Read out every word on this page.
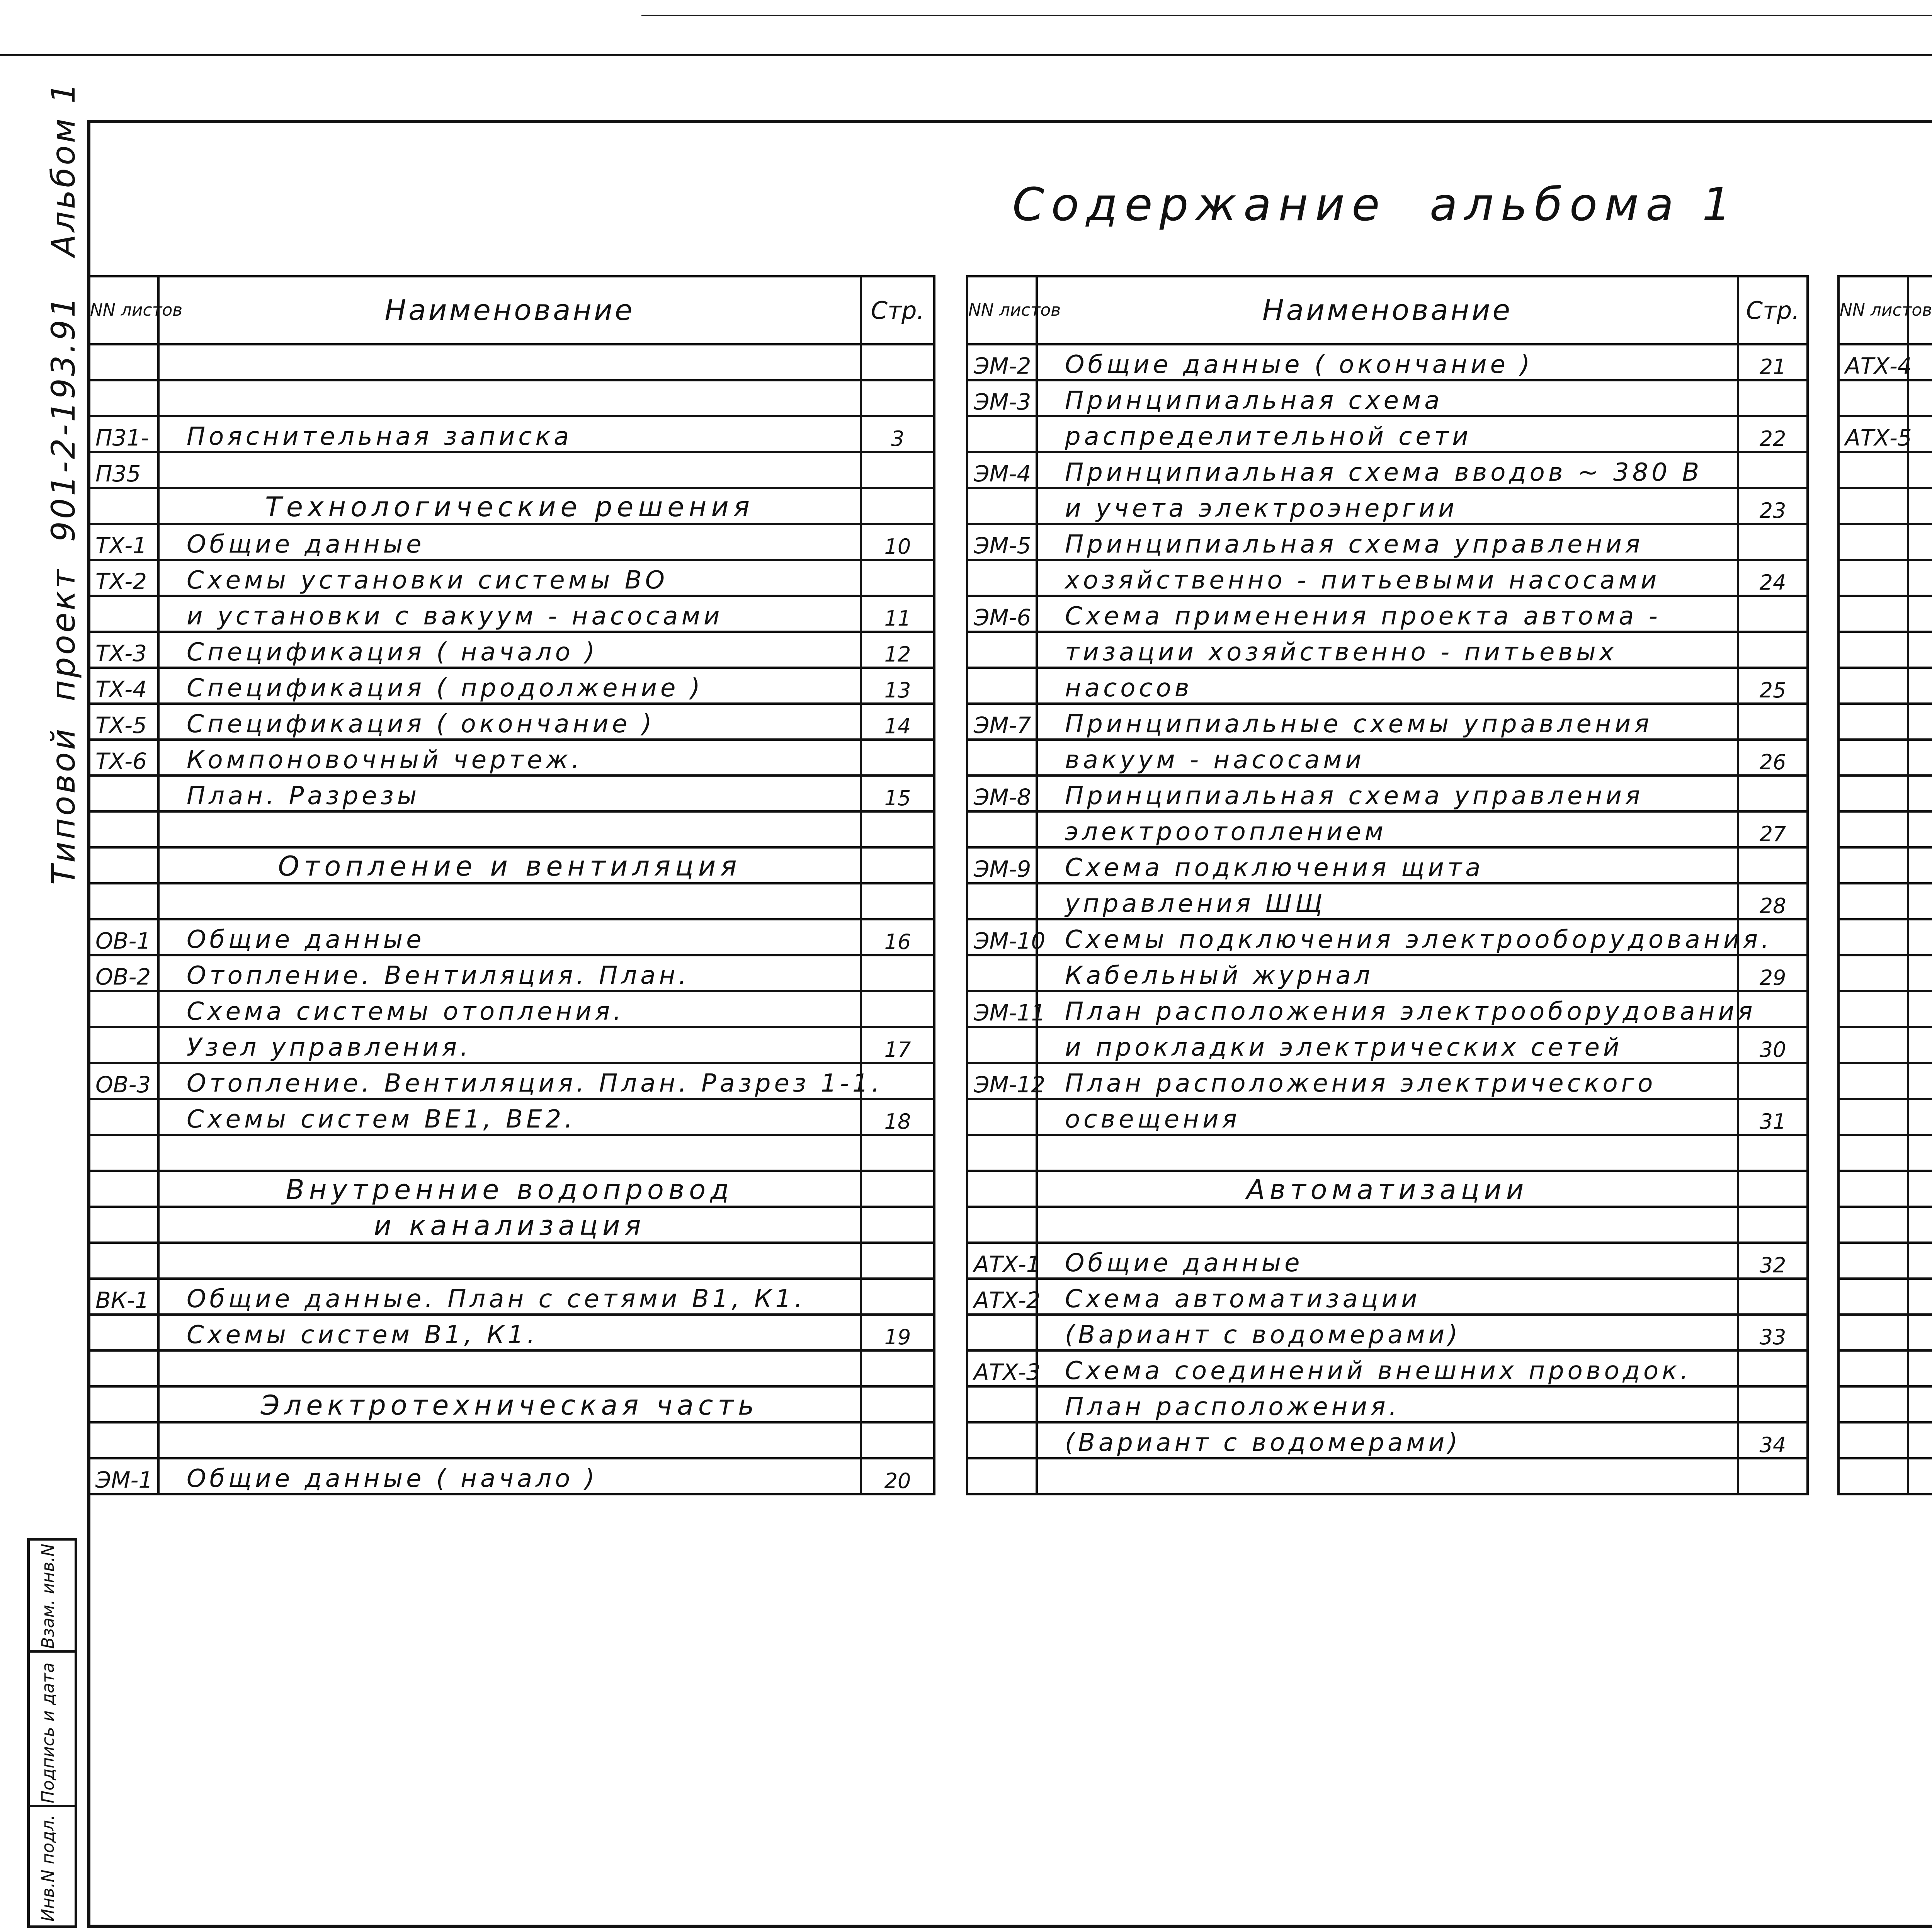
Типовой  проект  901-2-193.91   Альбом 1	Содержание  альбома 1
NN листов	Наименование	Стр.

П31-	Пояснительная записка	3
П35		
	Технологические решения	
ТХ-1	Общие данные	10
ТХ-2	Схемы установки системы ВО	
	и установки с вакуум - насосами	11
ТХ-3	Спецификация ( начало )	12
ТХ-4	Спецификация ( продолжение )	13
ТХ-5	Спецификация ( окончание )	14
ТХ-6	Компоновочный чертеж.	
	План. Разрезы	15

	Отопление и вентиляция	

ОВ-1	Общие данные	16
ОВ-2	Отопление. Вентиляция. План.	
	Схема системы отопления.	
	Узел управления.	17
ОВ-3	Отопление. Вентиляция. План. Разрез 1-1.	
	Схемы систем ВЕ1, ВЕ2.	18

	Внутренние водопровод	
	и канализация	

ВК-1	Общие данные. План с сетями В1, К1.	
	Схемы систем В1, К1.	19

	Электротехническая часть	

ЭМ-1	Общие данные ( начало )	20
NN листов	Наименование	Стр.
ЭМ-2	Общие данные ( окончание )	21
ЭМ-3	Принципиальная схема	
	распределительной сети	22
ЭМ-4	Принципиальная схема вводов ~ 380 В	
	и учета электроэнергии	23
ЭМ-5	Принципиальная схема управления	
	хозяйственно - питьевыми насосами	24
ЭМ-6	Схема применения проекта автома -	
	тизации хозяйственно - питьевых	
	насосов	25
ЭМ-7	Принципиальные схемы управления	
	вакуум - насосами	26
ЭМ-8	Принципиальная схема управления	
	электроотоплением	27
ЭМ-9	Схема подключения щита	
	управления ШЩ	28
ЭМ-10	Схемы подключения электрооборудования.	
	Кабельный журнал	29
ЭМ-11	План расположения электрооборудования	
	и прокладки электрических сетей	30
ЭМ-12	План расположения электрического	
	освещения	31

	Автоматизации	

АТХ-1	Общие данные	32
АТХ-2	Схема автоматизации	
	(Вариант с водомерами)	33
АТХ-3	Схема соединений внешних проводок.	
	План расположения.	
	(Вариант с водомерами)	34

NN листов		
АТХ-4		

АТХ-5		

Взам. инв.N
Подпись и дата
Инв.N подл.
